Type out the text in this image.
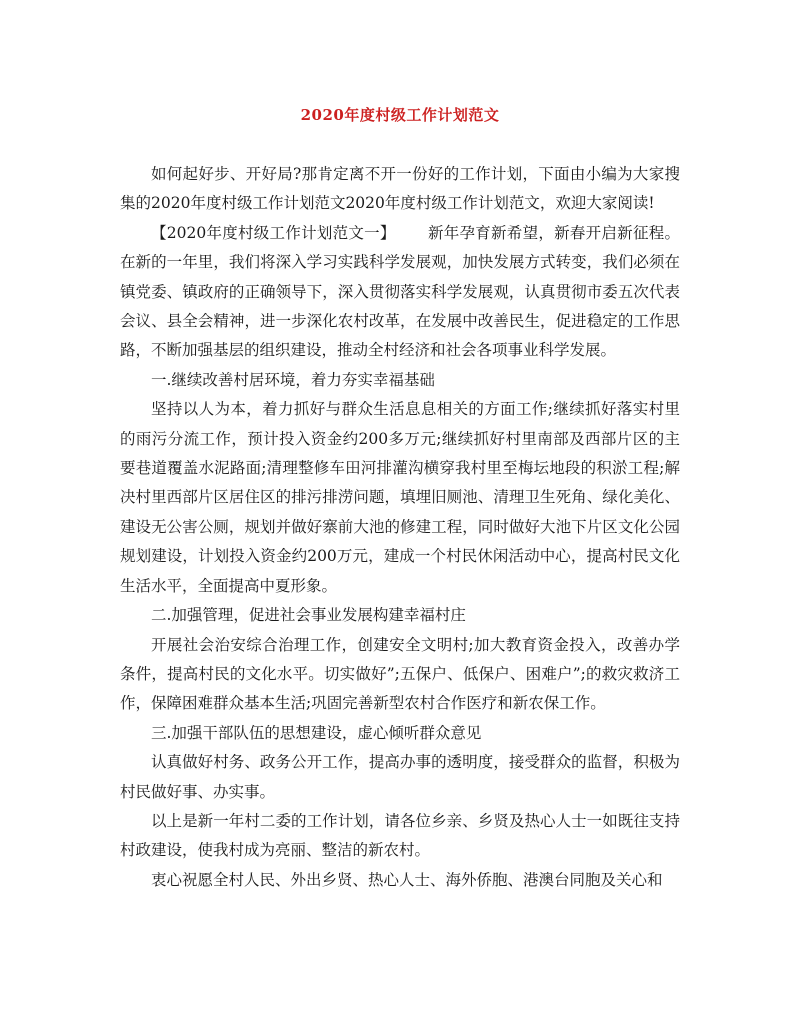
2020年度村级工作计划范文

如何起好步、开好局?那肯定离不开一份好的工作计划，下面由小编为大家搜集的2020年度村级工作计划范文2020年度村级工作计划范文，欢迎大家阅读!

【2020年度村级工作计划范文一】 新年孕育新希望，新春开启新征程。在新的一年里，我们将深入学习实践科学发展观，加快发展方式转变，我们必须在镇党委、镇政府的正确领导下，深入贯彻落实科学发展观，认真贯彻市委五次代表会议、县全会精神，进一步深化农村改革，在发展中改善民生，促进稳定的工作思路，不断加强基层的组织建设，推动全村经济和社会各项事业科学发展。

一.继续改善村居环境，着力夯实幸福基础

坚持以人为本，着力抓好与群众生活息息相关的方面工作;继续抓好落实村里的雨污分流工作，预计投入资金约200多万元;继续抓好村里南部及西部片区的主要巷道覆盖水泥路面;清理整修车田河排灌沟横穿我村里至梅坛地段的积淤工程;解决村里西部片区居住区的排污排涝问题，填埋旧厕池、清理卫生死角、绿化美化、建设无公害公厕，规划并做好寨前大池的修建工程，同时做好大池下片区文化公园规划建设，计划投入资金约200万元，建成一个村民休闲活动中心，提高村民文化生活水平，全面提高中夏形象。

二.加强管理，促进社会事业发展构建幸福村庄

开展社会治安综合治理工作，创建安全文明村;加大教育资金投入，改善办学条件，提高村民的文化水平。切实做好”;五保户、低保户、困难户”;的救灾救济工作，保障困难群众基本生活;巩固完善新型农村合作医疗和新农保工作。

三.加强干部队伍的思想建设，虚心倾听群众意见

认真做好村务、政务公开工作，提高办事的透明度，接受群众的监督，积极为村民做好事、办实事。

以上是新一年村二委的工作计划，请各位乡亲、乡贤及热心人士一如既往支持村政建设，使我村成为亮丽、整洁的新农村。

衷心祝愿全村人民、外出乡贤、热心人士、海外侨胞、港澳台同胞及关心和
